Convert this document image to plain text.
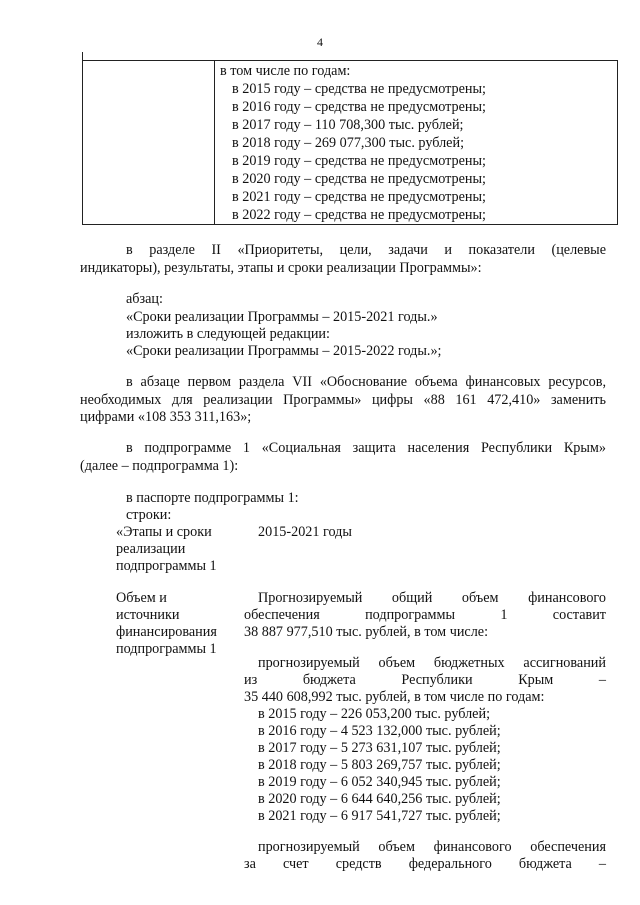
4
в том числе по годам:
в 2015 году – средства не предусмотрены;
в 2016 году – средства не предусмотрены;
в 2017 году – 110 708,300 тыс. рублей;
в 2018 году – 269 077,300 тыс. рублей;
в 2019 году – средства не предусмотрены;
в 2020 году – средства не предусмотрены;
в 2021 году – средства не предусмотрены;
в 2022 году – средства не предусмотрены;
в разделе II «Приоритеты, цели, задачи и показатели (целевые
индикаторы), результаты, этапы и сроки реализации Программы»:
абзац:
«Сроки реализации Программы – 2015-2021 годы.»
изложить в следующей редакции:
«Сроки реализации Программы – 2015-2022 годы.»;
в абзаце первом раздела VII «Обоснование объема финансовых ресурсов,
необходимых для реализации Программы» цифры «88 161 472,410» заменить
цифрами «108 353 311,163»;
в подпрограмме 1 «Социальная защита населения Республики Крым»
(далее – подпрограмма 1):
в паспорте подпрограммы 1:
строки:
«Этапы и сроки
реализации
подпрограммы 1
2015-2021 годы
Объем и
источники
финансирования
подпрограммы 1
Прогнозируемый общий объем финансового
обеспечения подпрограммы 1 составит
38 887 977,510 тыс. рублей, в том числе:
прогнозируемый объем бюджетных ассигнований
из бюджета Республики Крым –
35 440 608,992 тыс. рублей, в том числе по годам:
в 2015 году – 226 053,200 тыс. рублей;
в 2016 году – 4 523 132,000 тыс. рублей;
в 2017 году – 5 273 631,107 тыс. рублей;
в 2018 году – 5 803 269,757 тыс. рублей;
в 2019 году – 6 052 340,945 тыс. рублей;
в 2020 году – 6 644 640,256 тыс. рублей;
в 2021 году – 6 917 541,727 тыс. рублей;
прогнозируемый объем финансового обеспечения
за счет средств федерального бюджета –
